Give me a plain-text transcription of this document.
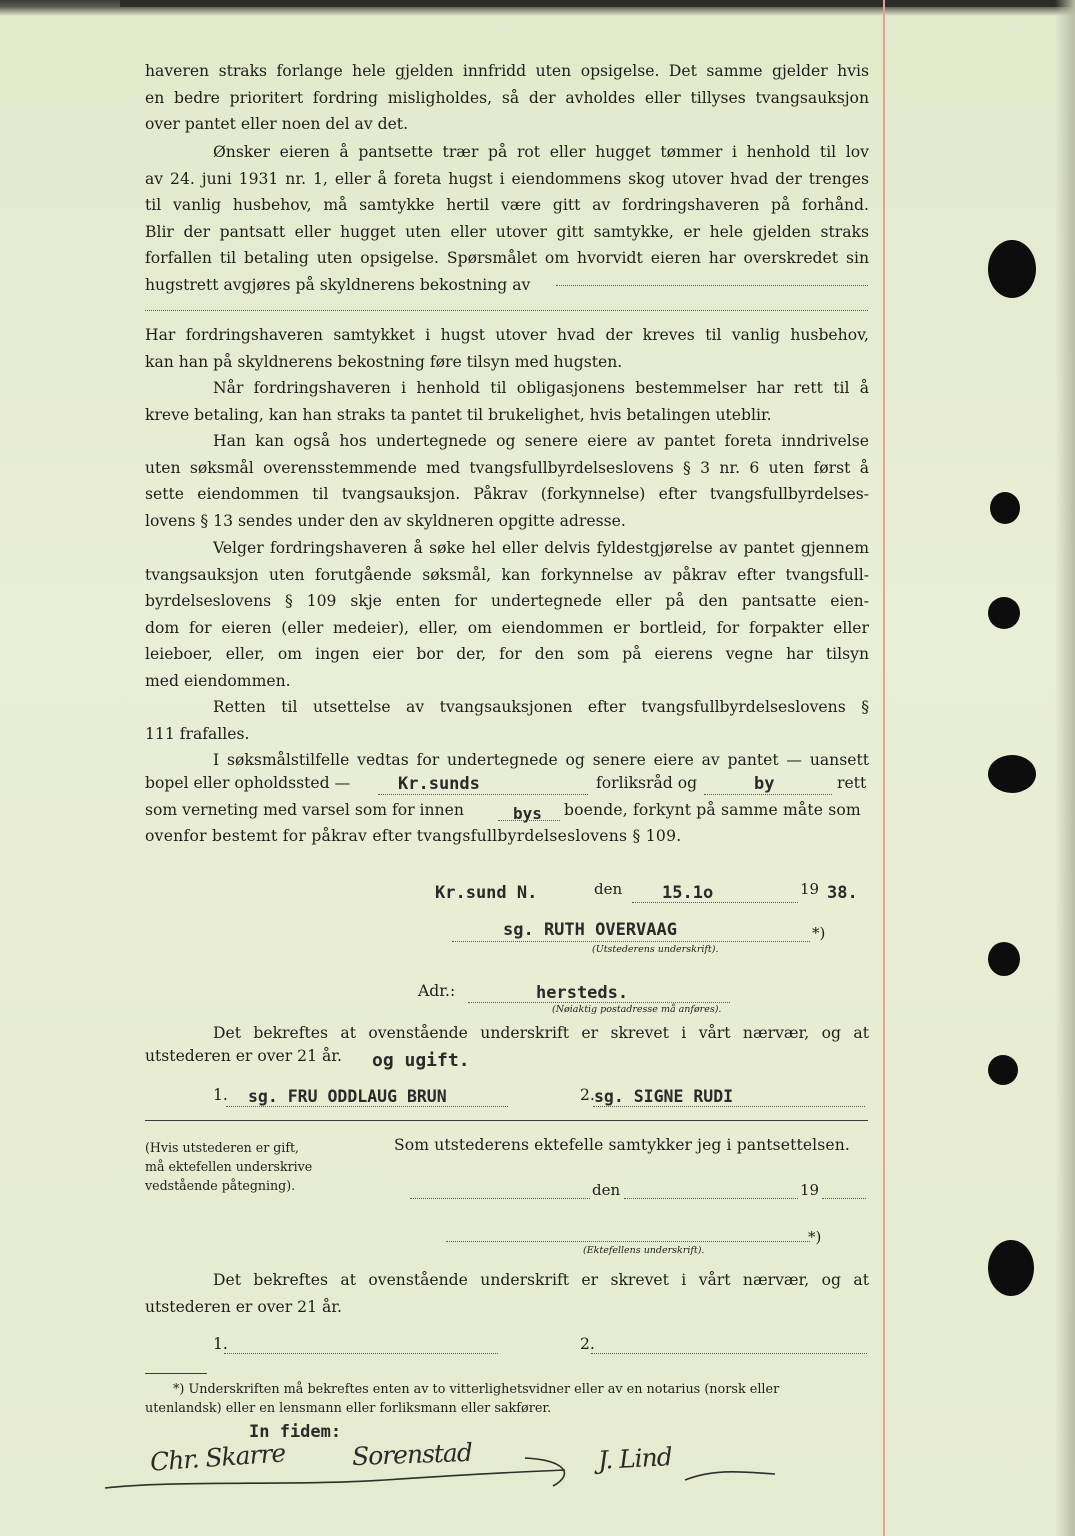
haveren straks forlange hele gjelden innfridd uten opsigelse. Det samme gjelder hvis
en bedre prioritert fordring misligholdes, så der avholdes eller tillyses tvangsauksjon
over pantet eller noen del av det.
Ønsker eieren å pantsette trær på rot eller hugget tømmer i henhold til lov
av 24. juni 1931 nr. 1, eller å foreta hugst i eiendommens skog utover hvad der trenges
til vanlig husbehov, må samtykke hertil være gitt av fordringshaveren på forhånd.
Blir der pantsatt eller hugget uten eller utover gitt samtykke, er hele gjelden straks
forfallen til betaling uten opsigelse. Spørsmålet om hvorvidt eieren har overskredet sin
hugstrett avgjøres på skyldnerens bekostning av
Har fordringshaveren samtykket i hugst utover hvad der kreves til vanlig husbehov,
kan han på skyldnerens bekostning føre tilsyn med hugsten.
Når fordringshaveren i henhold til obligasjonens bestemmelser har rett til å
kreve betaling, kan han straks ta pantet til brukelighet, hvis betalingen uteblir.
Han kan også hos undertegnede og senere eiere av pantet foreta inndrivelse
uten søksmål overensstemmende med tvangsfullbyrdelseslovens § 3 nr. 6 uten først å
sette eiendommen til tvangsauksjon. Påkrav (forkynnelse) efter tvangsfullbyrdelses-
lovens § 13 sendes under den av skyldneren opgitte adresse.
Velger fordringshaveren å søke hel eller delvis fyldestgjørelse av pantet gjennem
tvangsauksjon uten forutgående søksmål, kan forkynnelse av påkrav efter tvangsfull-
byrdelseslovens § 109 skje enten for undertegnede eller på den pantsatte eien-
dom for eieren (eller medeier), eller, om eiendommen er bortleid, for forpakter eller
leieboer, eller, om ingen eier bor der, for den som på eierens vegne har tilsyn
med eiendommen.
Retten til utsettelse av tvangsauksjonen efter tvangsfullbyrdelseslovens §
111 frafalles.
I søksmålstilfelle vedtas for undertegnede og senere eiere av pantet — uansett
bopel eller opholdssted —	Kr.sunds	forliksråd og	by	rett
som verneting med varsel som for innen	bys boende, forkynt på samme måte som
ovenfor bestemt for påkrav efter tvangsfullbyrdelseslovens § 109.
Kr.sund N.	den 15.1o	19 38.
sg. RUTH OVERVAAG	*)
(Utstederens underskrift).
Adr.:	hersteds.
(Nøiaktig postadresse må anføres).
Det bekreftes at ovenstående underskrift er skrevet i vårt nærvær, og at
utstederen er over 21 år. og ugift.
1. sg. FRU ODDLAUG BRUN	2. sg. SIGNE RUDI
(Hvis utstederen er gift,
må ektefellen underskrive
vedstående påtegning).
Som utstederens ektefelle samtykker jeg i pantsettelsen.
den	19
*)
(Ektefellens underskrift).
Det bekreftes at ovenstående underskrift er skrevet i vårt nærvær, og at
utstederen er over 21 år.
1.	2.
*) Underskriften må bekreftes enten av to vitterlighetsvidner eller av en notarius (norsk eller
utenlandsk) eller en lensmann eller forliksmann eller sakfører.
In fidem:
Chr. Skarre	Sorenstad	J. Lind
